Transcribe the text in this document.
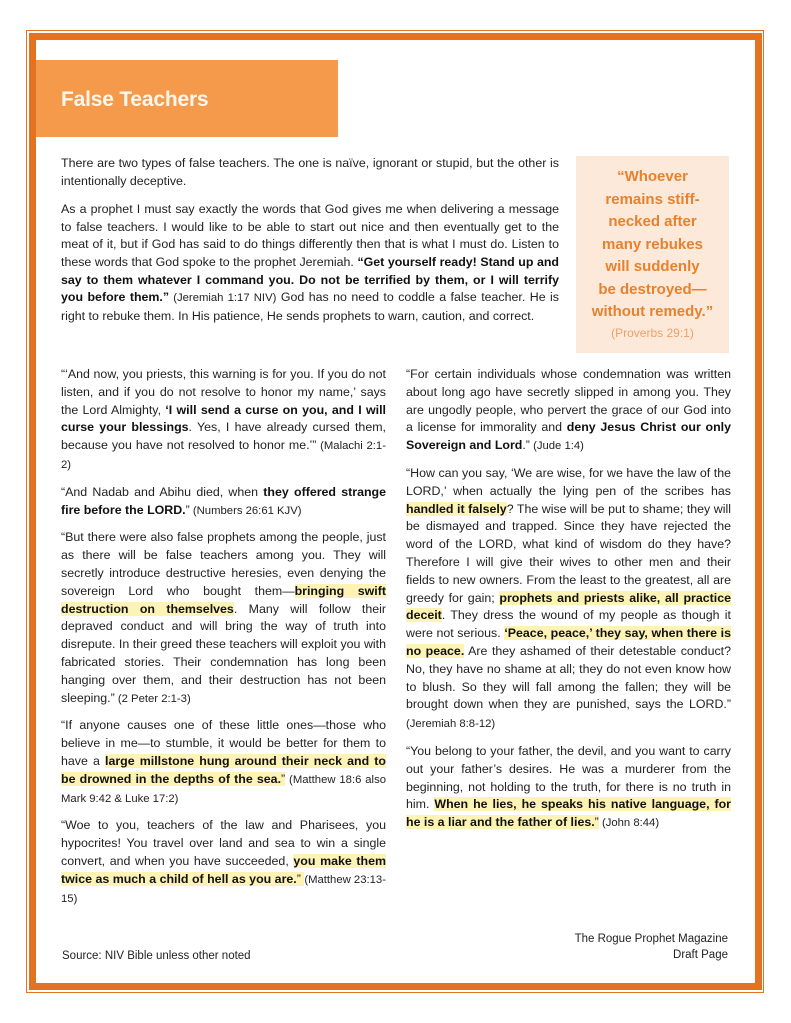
False Teachers

There are two types of false teachers. The one is naïve, ignorant or stupid, but the other is intentionally deceptive.

As a prophet I must say exactly the words that God gives me when delivering a message to false teachers. I would like to be able to start out nice and then eventually get to the meat of it, but if God has said to do things differently then that is what I must do. Listen to these words that God spoke to the prophet Jeremiah. “Get yourself ready! Stand up and say to them whatever I command you. Do not be terrified by them, or I will terrify you before them.” (Jeremiah 1:17 NIV) God has no need to coddle a false teacher. He is right to rebuke them. In His patience, He sends prophets to warn, caution, and correct.

“Whoever
remains stiff-
necked after
many rebukes
will suddenly
be destroyed—
without remedy.”
(Proverbs 29:1)

“‘And now, you priests, this warning is for you. If you do not listen, and if you do not resolve to honor my name,’ says the Lord Almighty, ‘I will send a curse on you, and I will curse your blessings. Yes, I have already cursed them, because you have not resolved to honor me.’” (Malachi 2:1-2)

“And Nadab and Abihu died, when they offered strange fire before the LORD.” (Numbers 26:61 KJV)

“But there were also false prophets among the people, just as there will be false teachers among you. They will secretly introduce destructive heresies, even denying the sovereign Lord who bought them—bringing swift destruction on themselves. Many will follow their depraved conduct and will bring the way of truth into disrepute. In their greed these teachers will exploit you with fabricated stories. Their condemnation has long been hanging over them, and their destruction has not been sleeping.” (2 Peter 2:1-3)

“If anyone causes one of these little ones—those who believe in me—to stumble, it would be better for them to have a large millstone hung around their neck and to be drowned in the depths of the sea.” (Matthew 18:6 also Mark 9:42 & Luke 17:2)

“Woe to you, teachers of the law and Pharisees, you hypocrites! You travel over land and sea to win a single convert, and when you have succeeded, you make them twice as much a child of hell as you are.” (Matthew 23:13-15)

“For certain individuals whose condemnation was written about long ago have secretly slipped in among you. They are ungodly people, who pervert the grace of our God into a license for immorality and deny Jesus Christ our only Sovereign and Lord.” (Jude 1:4)

“How can you say, ‘We are wise, for we have the law of the LORD,’ when actually the lying pen of the scribes has handled it falsely? The wise will be put to shame; they will be dismayed and trapped. Since they have rejected the word of the LORD, what kind of wisdom do they have? Therefore I will give their wives to other men and their fields to new owners. From the least to the greatest, all are greedy for gain; prophets and priests alike, all practice deceit. They dress the wound of my people as though it were not serious. ‘Peace, peace,’ they say, when there is no peace. Are they ashamed of their detestable conduct? No, they have no shame at all; they do not even know how to blush. So they will fall among the fallen; they will be brought down when they are punished, says the LORD.” (Jeremiah 8:8-12)

“You belong to your father, the devil, and you want to carry out your father’s desires. He was a murderer from the beginning, not holding to the truth, for there is no truth in him. When he lies, he speaks his native language, for he is a liar and the father of lies.” (John 8:44)

Source: NIV Bible unless other noted
The Rogue Prophet Magazine
Draft Page
